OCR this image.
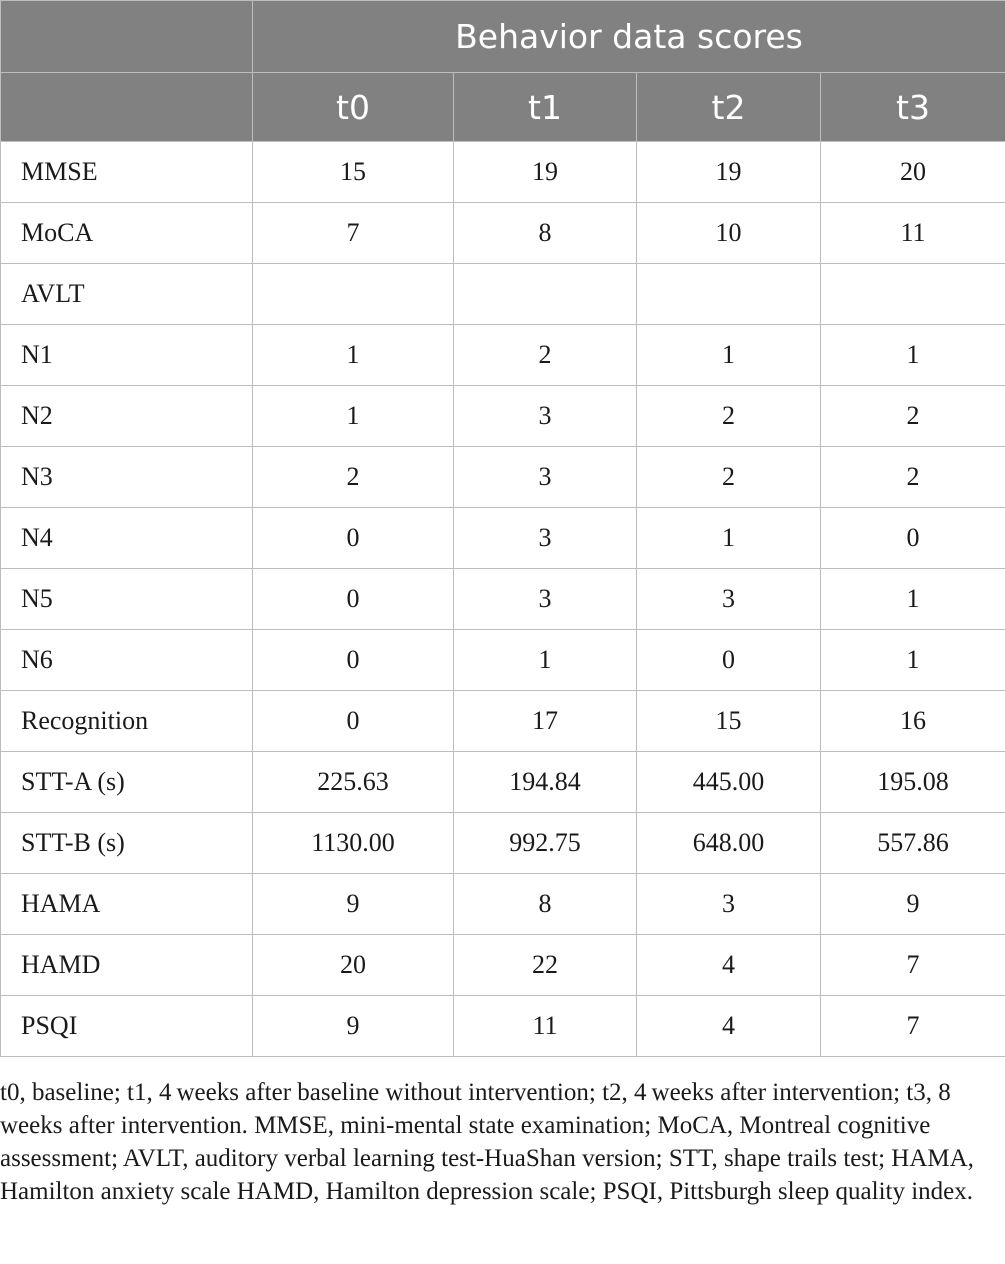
	Behavior data scores			
	t0	t1	t2	t3
MMSE	15	19	19	20
MoCA	7	8	10	11
AVLT				
N1	1	2	1	1
N2	1	3	2	2
N3	2	3	2	2
N4	0	3	1	0
N5	0	3	3	1
N6	0	1	0	1
Recognition	0	17	15	16
STT-A (s)	225.63	194.84	445.00	195.08
STT-B (s)	1130.00	992.75	648.00	557.86
HAMA	9	8	3	9
HAMD	20	22	4	7
PSQI	9	11	4	7

t0, baseline; t1, 4 weeks after baseline without intervention; t2, 4 weeks after intervention; t3, 8 weeks after intervention. MMSE, mini-mental state examination; MoCA, Montreal cognitive assessment; AVLT, auditory verbal learning test-HuaShan version; STT, shape trails test; HAMA, Hamilton anxiety scale HAMD, Hamilton depression scale; PSQI, Pittsburgh sleep quality index.
